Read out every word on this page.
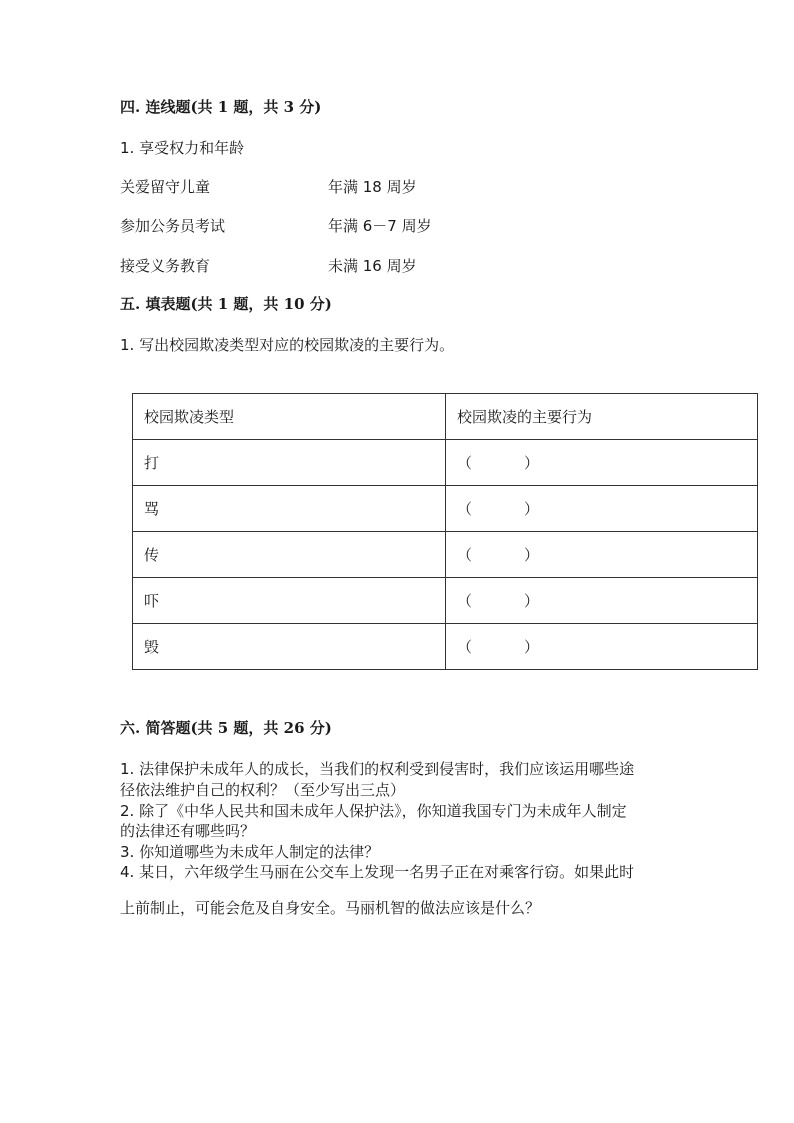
四. 连线题(共 1 题，共 3 分)
1. 享受权力和年龄
关爱留守儿童	年满 18 周岁
参加公务员考试	年满 6－7 周岁
接受义务教育	未满 16 周岁
五. 填表题(共 1 题，共 10 分)
1. 写出校园欺凌类型对应的校园欺凌的主要行为。
校园欺凌类型	校园欺凌的主要行为
打	（ ）
骂	（ ）
传	（ ）
吓	（ ）
毁	（ ）
六. 简答题(共 5 题，共 26 分)
1. 法律保护未成年人的成长，当我们的权利受到侵害时，我们应该运用哪些途
径依法维护自己的权利？（至少写出三点）
2. 除了《中华人民共和国未成年人保护法》，你知道我国专门为未成年人制定
的法律还有哪些吗？
3. 你知道哪些为未成年人制定的法律？
4. 某日，六年级学生马丽在公交车上发现一名男子正在对乘客行窃。如果此时
上前制止，可能会危及自身安全。马丽机智的做法应该是什么？
